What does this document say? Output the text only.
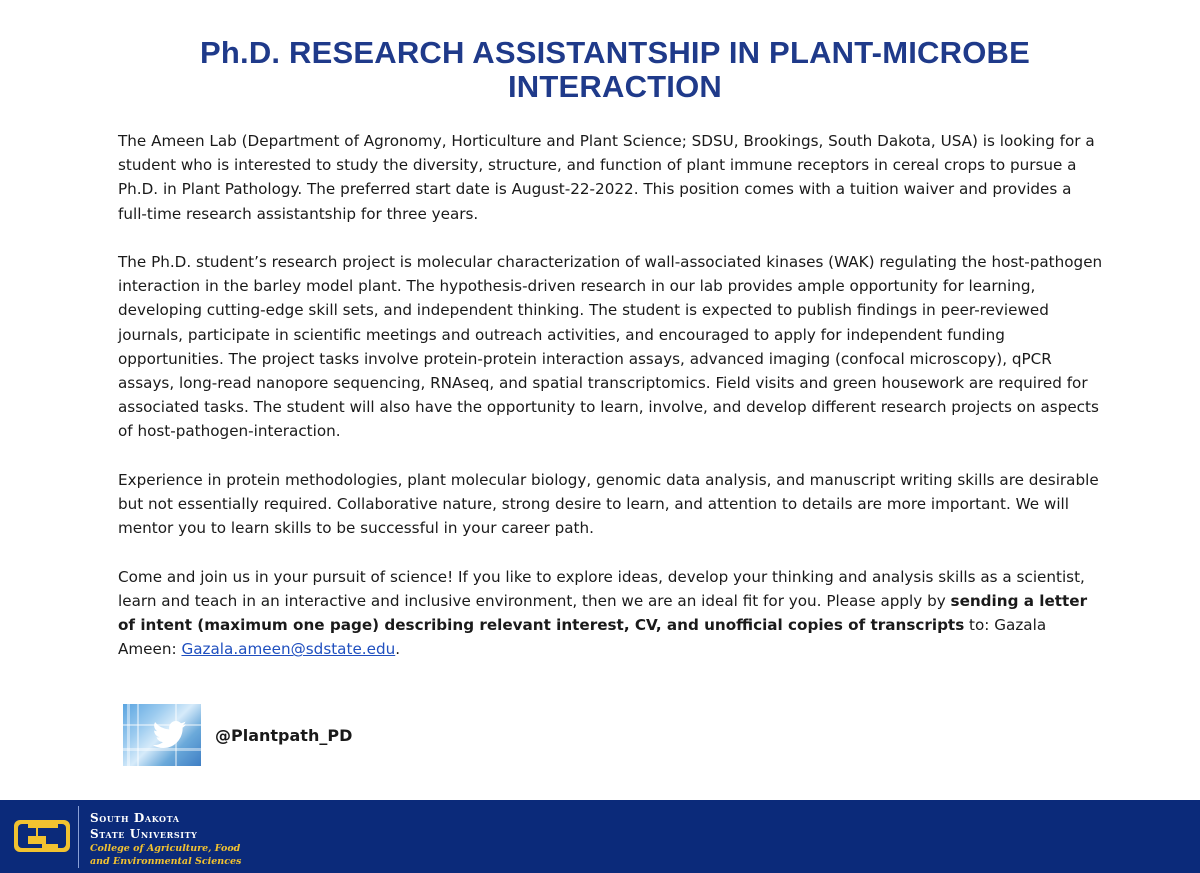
Ph.D. RESEARCH ASSISTANTSHIP IN PLANT-MICROBE
INTERACTION

The Ameen Lab (Department of Agronomy, Horticulture and Plant Science; SDSU, Brookings, South Dakota, USA) is looking for a student who is interested to study the diversity, structure, and function of plant immune receptors in cereal crops to pursue a Ph.D. in Plant Pathology. The preferred start date is August-22-2022. This position comes with a tuition waiver and provides a full-time research assistantship for three years.

The Ph.D. student’s research project is molecular characterization of wall-associated kinases (WAK) regulating the host-pathogen interaction in the barley model plant. The hypothesis-driven research in our lab provides ample opportunity for learning, developing cutting-edge skill sets, and independent thinking. The student is expected to publish findings in peer-reviewed journals, participate in scientific meetings and outreach activities, and encouraged to apply for independent funding opportunities. The project tasks involve protein-protein interaction assays, advanced imaging (confocal microscopy), qPCR assays, long-read nanopore sequencing, RNAseq, and spatial transcriptomics. Field visits and green housework are required for associated tasks. The student will also have the opportunity to learn, involve, and develop different research projects on aspects of host-pathogen-interaction.

Experience in protein methodologies, plant molecular biology, genomic data analysis, and manuscript writing skills are desirable but not essentially required. Collaborative nature, strong desire to learn, and attention to details are more important. We will mentor you to learn skills to be successful in your career path.

Come and join us in your pursuit of science! If you like to explore ideas, develop your thinking and analysis skills as a scientist, learn and teach in an interactive and inclusive environment, then we are an ideal fit for you. Please apply by sending a letter of intent (maximum one page) describing relevant interest, CV, and unofficial copies of transcripts to: Gazala Ameen: Gazala.ameen@sdstate.edu.

@Plantpath_PD
South Dakota
State University
College of Agriculture, Food
and Environmental Sciences
